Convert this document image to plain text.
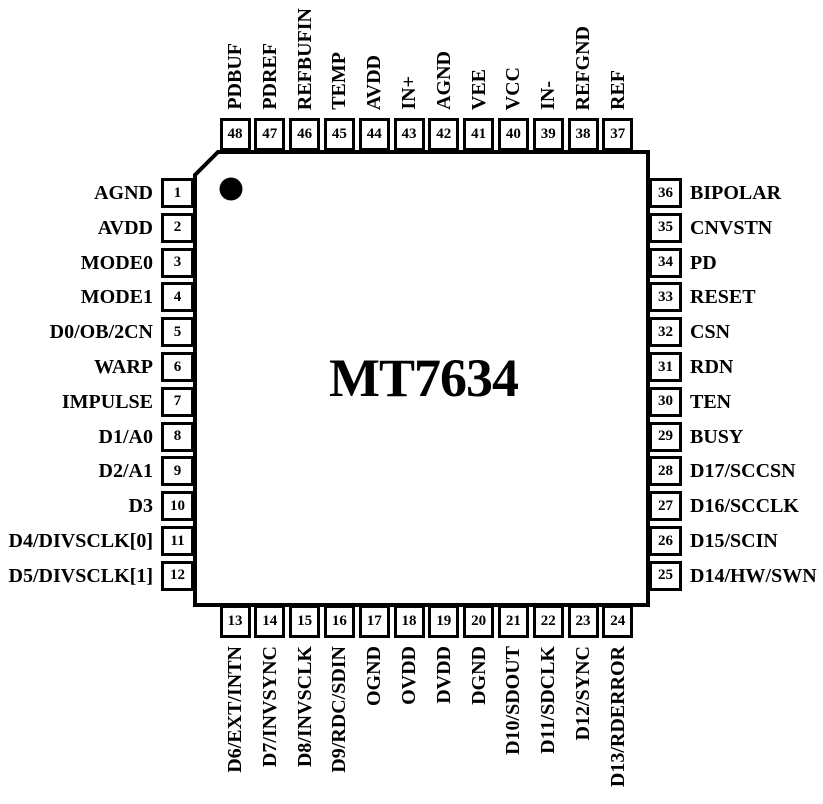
MT7634
48
PDBUF
47
PDREF
46
REFBUFIN
45
TEMP
44
AVDD
43
IN+
42
AGND
41
VEE
40
VCC
39
IN-
38
REFGND
37
REF
13
D6/EXT/INTN
14
D7/INVSYNC
15
D8/INVSCLK
16
D9/RDC/SDIN
17
OGND
18
OVDD
19
DVDD
20
DGND
21
D10/SDOUT
22
D11/SDCLK
23
D12/SYNC
24
D13/RDERROR
1
AGND
2
AVDD
3
MODE0
4
MODE1
5
D0/OB/2CN
6
WARP
7
IMPULSE
8
D1/A0
9
D2/A1
10
D3
11
D4/DIVSCLK[0]
12
D5/DIVSCLK[1]
36 BIPOLAR
35 CNVSTN
34 PD
33 RESET
32 CSN
31 RDN
30 TEN
29 BUSY
28 D17/SCCSN
27 D16/SCCLK
26 D15/SCIN
25 D14/HW/SWN
